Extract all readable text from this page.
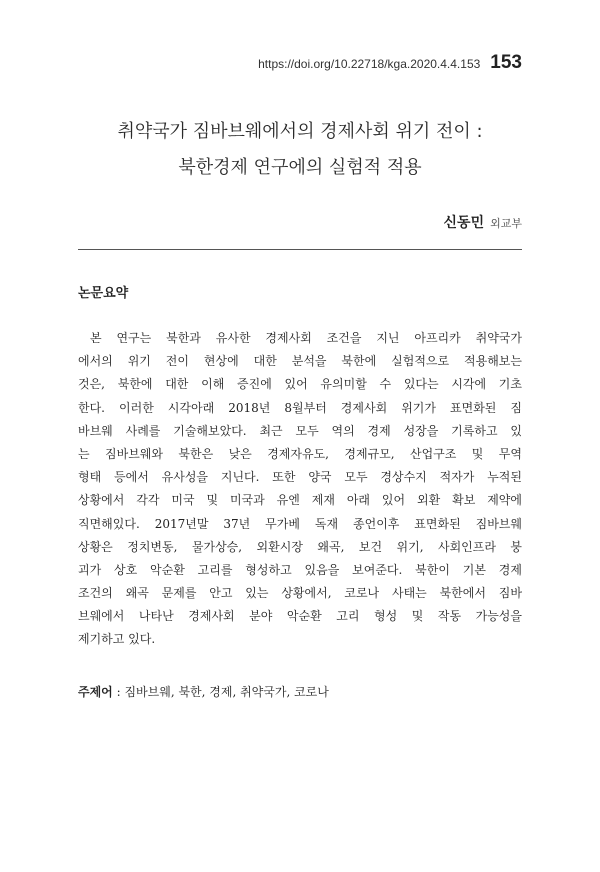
https://doi.org/10.22718/kga.2020.4.4.153 153
취약국가 짐바브웨에서의 경제사회 위기 전이 :
북한경제 연구에의 실험적 적용
신동민 외교부
논문요약
본 연구는 북한과 유사한 경제사회 조건을 지닌 아프리카 취약국가
에서의 위기 전이 현상에 대한 분석을 북한에 실험적으로 적용해보는
것은, 북한에 대한 이해 증진에 있어 유의미할 수 있다는 시각에 기초
한다. 이러한 시각아래 2018년 8월부터 경제사회 위기가 표면화된 짐
바브웨 사례를 기술해보았다. 최근 모두 역의 경제 성장을 기록하고 있
는 짐바브웨와 북한은 낮은 경제자유도, 경제규모, 산업구조 및 무역
형태 등에서 유사성을 지닌다. 또한 양국 모두 경상수지 적자가 누적된
상황에서 각각 미국 및 미국과 유엔 제재 아래 있어 외환 확보 제약에
직면해있다. 2017년말 37년 무가베 독재 종언이후 표면화된 짐바브웨
상황은 정치변동, 물가상승, 외환시장 왜곡, 보건 위기, 사회인프라 붕
괴가 상호 악순환 고리를 형성하고 있음을 보여준다. 북한이 기본 경제
조건의 왜곡 문제를 안고 있는 상황에서, 코로나 사태는 북한에서 짐바
브웨에서 나타난 경제사회 분야 악순환 고리 형성 및 작동 가능성을
제기하고 있다.
주제어 : 짐바브웨, 북한, 경제, 취약국가, 코로나
